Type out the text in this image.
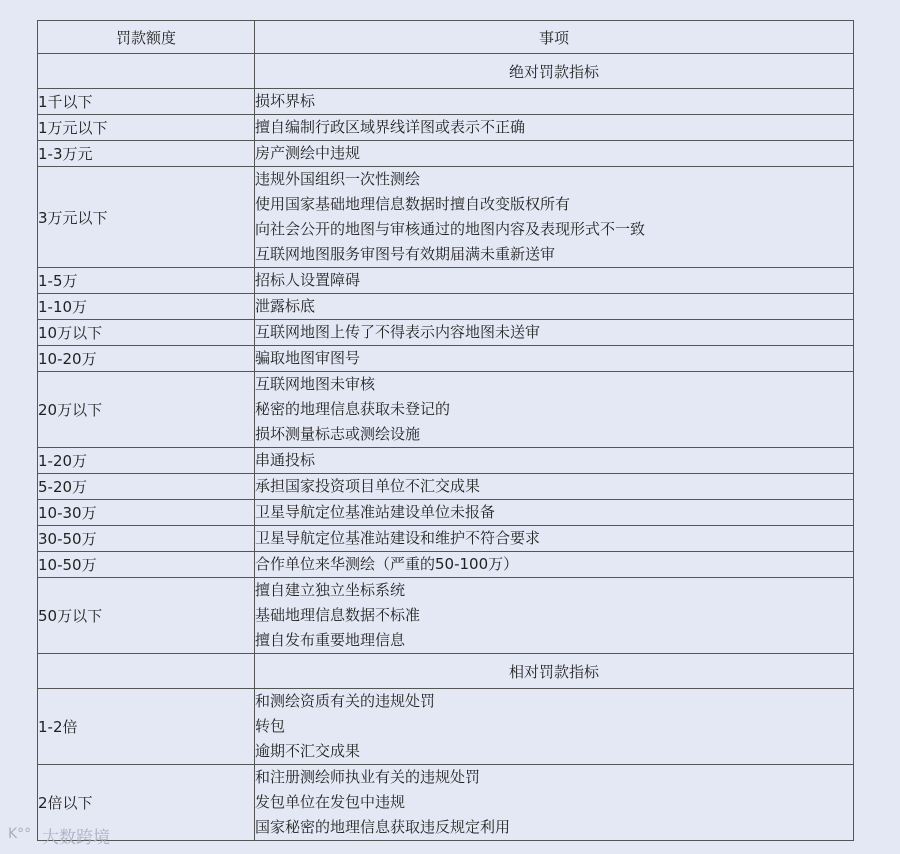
罚款额度	事项
	绝对罚款指标
1千以下	损坏界标

1万元以下	擅自编制行政区域界线详图或表示不正确

1-3万元	房产测绘中违规

3万元以下	违规外国组织一次性测绘
使用国家基础地理信息数据时擅自改变版权所有
向社会公开的地图与审核通过的地图内容及表现形式不一致
互联网地图服务审图号有效期届满未重新送审

1-5万	招标人设置障碍

1-10万	泄露标底

10万以下	互联网地图上传了不得表示内容地图未送审

10-20万	骗取地图审图号

20万以下	互联网地图未审核
秘密的地理信息获取未登记的
损坏测量标志或测绘设施

1-20万	串通投标

5-20万	承担国家投资项目单位不汇交成果

10-30万	卫星导航定位基准站建设单位未报备

30-50万	卫星导航定位基准站建设和维护不符合要求

10-50万	合作单位来华测绘（严重的50-100万）

50万以下	擅自建立独立坐标系统
基础地理信息数据不标准
擅自发布重要地理信息

	相对罚款指标
1-2倍	和测绘资质有关的违规处罚
转包
逾期不汇交成果

2倍以下	和注册测绘师执业有关的违规处罚
发包单位在发包中违规
国家秘密的地理信息获取违反规定利用
K°° 大数跨境
